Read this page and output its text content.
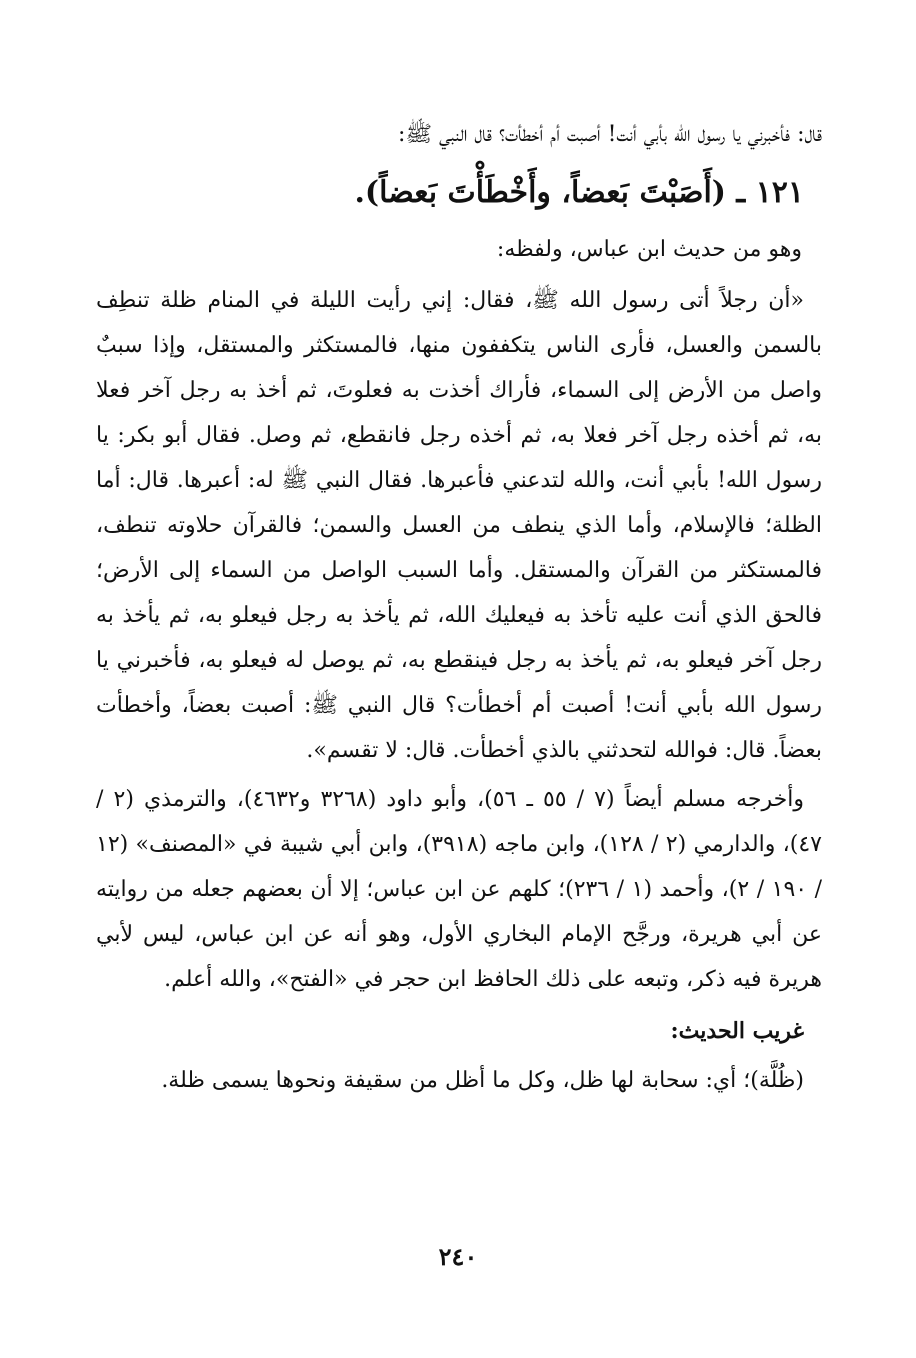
قال: فأخبرني يا رسول الله بأبي أنت! أصبت أم أخطأت؟ قال النبي ﷺ:

١٢١ ـ (أَصَبْتَ بَعضاً، وأَخْطَأْتَ بَعضاً).

وهو من حديث ابن عباس، ولفظه:

«أن رجلاً أتى رسول الله ﷺ، فقال: إني رأيت الليلة في المنام ظلة تنطِف بالسمن والعسل، فأرى الناس يتكففون منها، فالمستكثر والمستقل، وإذا سببٌ واصل من الأرض إلى السماء، فأراك أخذت به فعلوتَ، ثم أخذ به رجل آخر فعلا به، ثم أخذه رجل آخر فعلا به، ثم أخذه رجل فانقطع، ثم وصل. فقال أبو بكر: يا رسول الله! بأبي أنت، والله لتدعني فأعبرها. فقال النبي ﷺ له: أعبرها. قال: أما الظلة؛ فالإسلام، وأما الذي ينطف من العسل والسمن؛ فالقرآن حلاوته تنطف، فالمستكثر من القرآن والمستقل. وأما السبب الواصل من السماء إلى الأرض؛ فالحق الذي أنت عليه تأخذ به فيعليك الله، ثم يأخذ به رجل فيعلو به، ثم يأخذ به رجل آخر فيعلو به، ثم يأخذ به رجل فينقطع به، ثم يوصل له فيعلو به، فأخبرني يا رسول الله بأبي أنت! أصبت أم أخطأت؟ قال النبي ﷺ: أصبت بعضاً، وأخطأت بعضاً. قال: فوالله لتحدثني بالذي أخطأت. قال: لا تقسم».

وأخرجه مسلم أيضاً (٧ / ٥٥ ـ ٥٦)، وأبو داود (٣٢٦٨ و٤٦٣٢)، والترمذي (٢ / ٤٧)، والدارمي (٢ / ١٢٨)، وابن ماجه (٣٩١٨)، وابن أبي شيبة في «المصنف» (١٢ / ١٩٠ / ٢)، وأحمد (١ / ٢٣٦)؛ كلهم عن ابن عباس؛ إلا أن بعضهم جعله من روايته عن أبي هريرة، ورجَّح الإمام البخاري الأول، وهو أنه عن ابن عباس، ليس لأبي هريرة فيه ذكر، وتبعه على ذلك الحافظ ابن حجر في «الفتح»، والله أعلم.

غريب الحديث:

(ظُلَّة)؛ أي: سحابة لها ظل، وكل ما أظل من سقيفة ونحوها يسمى ظلة.

٢٤٠
